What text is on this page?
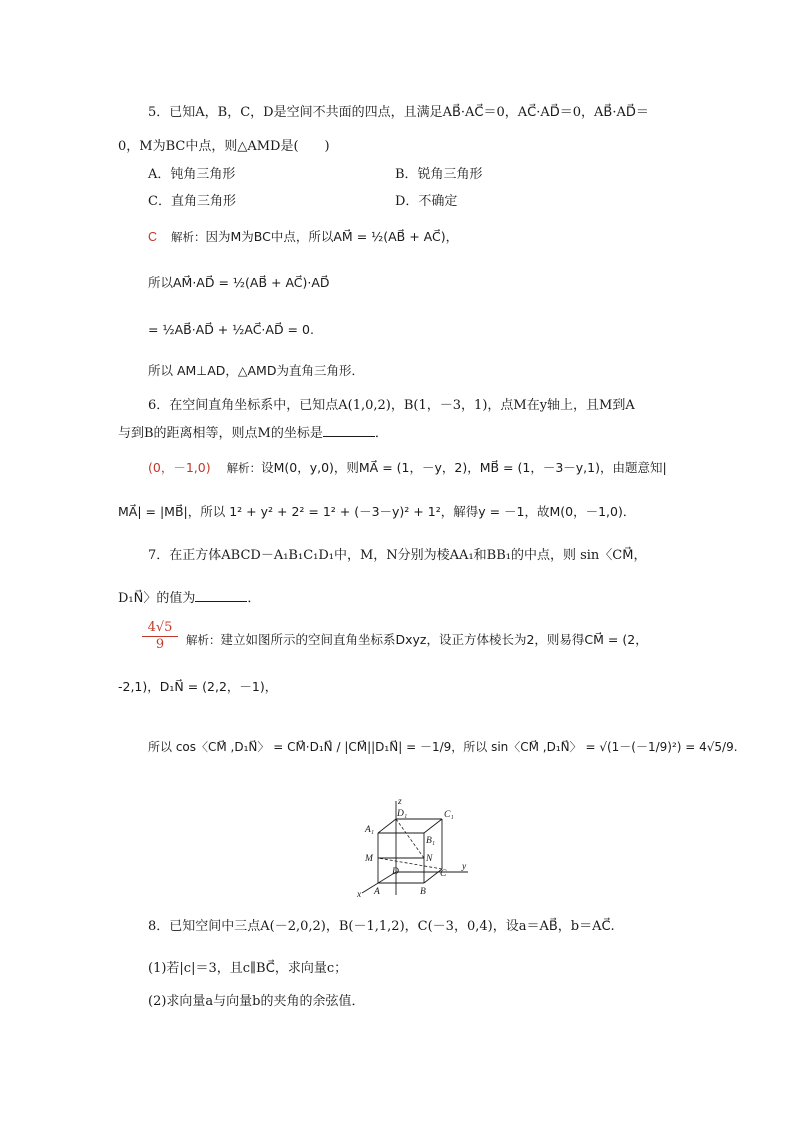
5．已知A，B，C，D是空间不共面的四点，且满足AB⃗·AC⃗＝0，AC⃗·AD⃗＝0，AB⃗·AD⃗＝
0，M为BC中点，则△AMD是(　　)
A．钝角三角形	B．锐角三角形
C．直角三角形	D．不确定
C 解析：因为M为BC中点，所以AM⃗ = ½(AB⃗ + AC⃗)，
所以AM⃗·AD⃗ = ½(AB⃗ + AC⃗)·AD⃗
= ½AB⃗·AD⃗ + ½AC⃗·AD⃗ = 0.
所以 AM⊥AD，△AMD为直角三角形．
6．在空间直角坐标系中，已知点A(1,0,2)，B(1，－3，1)，点M在y轴上，且M到A
与到B的距离相等，则点M的坐标是	．
(0，－1,0) 解析：设M(0，y,0)，则MA⃗ = (1，－y，2)，MB⃗ = (1，－3－y,1)，由题意知|
MA⃗| = |MB⃗|，所以 1² + y² + 2² = 1² + (－3－y)² + 1²，解得y = －1，故M(0，－1,0)．
7．在正方体ABCD－A₁B₁C₁D₁中，M，N分别为棱AA₁和BB₁的中点，则 sin〈CM⃗，
D₁N⃗〉的值为	．
$\frac{4√5}{9}$ 解析：建立如图所示的空间直角坐标系Dxyz，设正方体棱长为2，则易得CM⃗ = (2，
-2,1)，D₁N⃗ = (2,2，－1)，
所以 cos〈CM⃗ ,D₁N⃗〉 = CM⃗·D₁N⃗ / |CM⃗||D₁N⃗| = －1/9，所以 sin〈CM⃗ ,D₁N⃗〉 = √(1－(－1/9)²) = 4√5/9.
z
y
x
D₁	C₁
A₁
B₁
M	N
D	C
A	B
8．已知空间中三点A(－2,0,2)，B(－1,1,2)，C(－3，0,4)，设a＝AB⃗，b＝AC⃗.
(1)若|c|＝3，且c∥BC⃗，求向量c；
(2)求向量a与向量b的夹角的余弦值．
